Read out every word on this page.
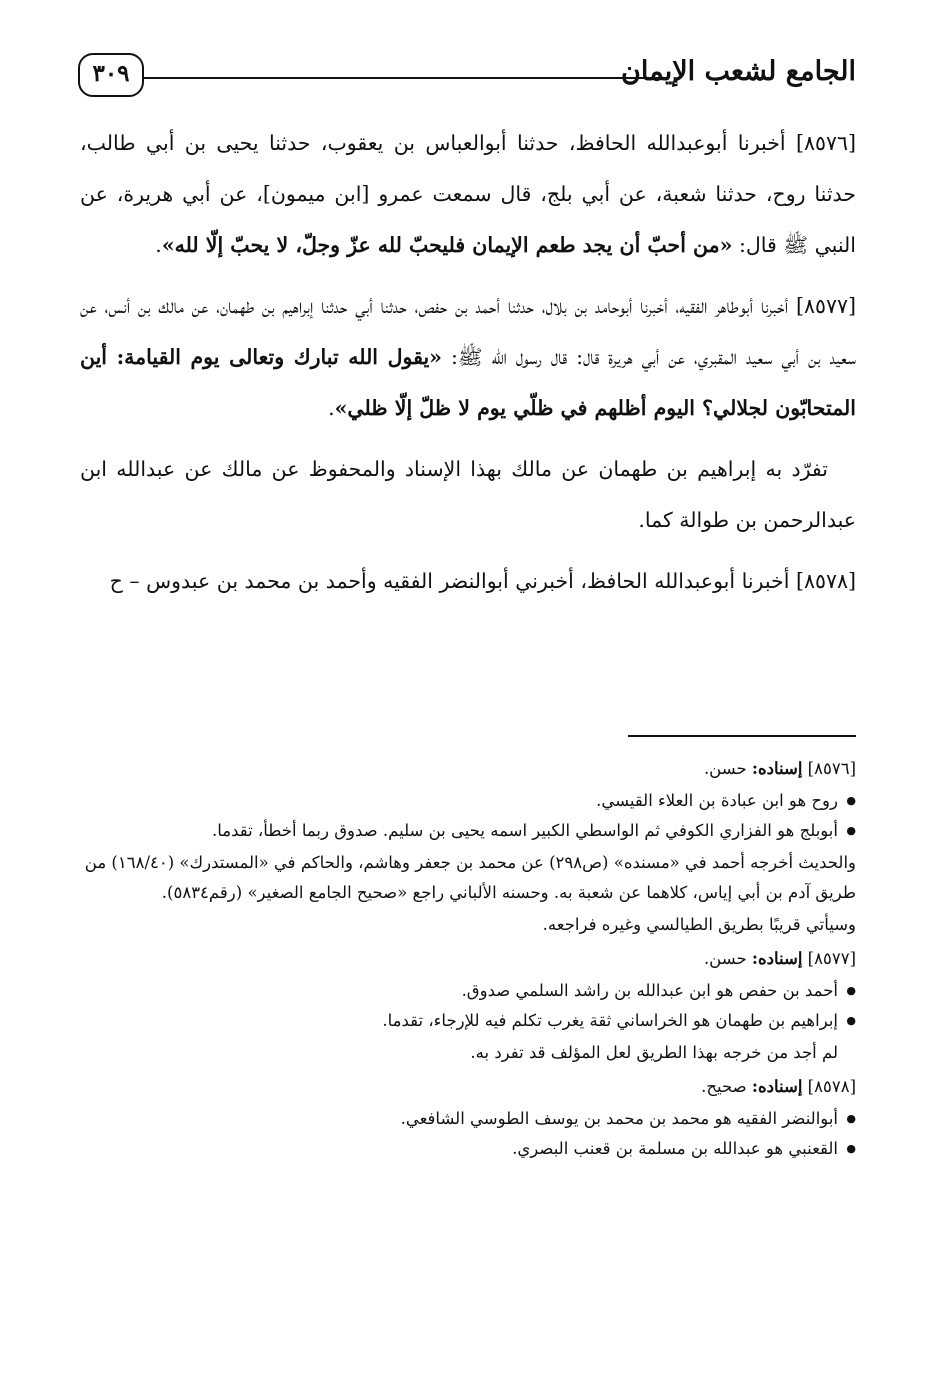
الجامع لشعب الإيمان
٣٠٩

[٨٥٧٦] أخبرنا أبوعبدالله الحافظ، حدثنا أبوالعباس بن يعقوب، حدثنا يحيى بن أبي طالب، حدثنا روح، حدثنا شعبة، عن أبي بلج، قال سمعت عمرو [ابن ميمون]، عن أبي هريرة، عن النبي ﷺ قال: «من أحبّ أن يجد طعم الإيمان فليحبّ لله عزّ وجلّ، لا يحبّ إلّا لله».

[٨٥٧٧] أخبرنا أبوطاهر الفقيه، أخبرنا أبوحامد بن بلال، حدثنا أحمد بن حفص، حدثنا أبي حدثنا إبراهيم بن طهمان، عن مالك بن أنس، عن سعيد بن أبي سعيد المقبري، عن أبي هريرة قال: قال رسول الله ﷺ: «يقول الله تبارك وتعالى يوم القيامة: أين المتحابّون لجلالي؟ اليوم أظلهم في ظلّي يوم لا ظلّ إلّا ظلي».

تفرّد به إبراهيم بن طهمان عن مالك بهذا الإسناد والمحفوظ عن مالك عن عبدالله ابن عبدالرحمن بن طوالة كما.

[٨٥٧٨] أخبرنا أبوعبدالله الحافظ، أخبرني أبوالنضر الفقيه وأحمد بن محمد بن عبدوس – ح

[٨٥٧٦] إسناده: حسن.
● روح هو ابن عبادة بن العلاء القيسي.
● أبوبلج هو الفزاري الكوفي ثم الواسطي الكبير اسمه يحيى بن سليم. صدوق ربما أخطأ، تقدما.
والحديث أخرجه أحمد في «مسنده» (ص٢٩٨) عن محمد بن جعفر وهاشم، والحاكم في «المستدرك» (١٦٨/٤٠) من طريق آدم بن أبي إياس، كلاهما عن شعبة به. وحسنه الألباني راجع «صحيح الجامع الصغير» (رقم٥٨٣٤).
وسيأتي قريبًا بطريق الطيالسي وغيره فراجعه.
[٨٥٧٧] إسناده: حسن.
● أحمد بن حفص هو ابن عبدالله بن راشد السلمي صدوق.
● إبراهيم بن طهمان هو الخراساني ثقة يغرب تكلم فيه للإرجاء، تقدما.
لم أجد من خرجه بهذا الطريق لعل المؤلف قد تفرد به.
[٨٥٧٨] إسناده: صحيح.
● أبوالنضر الفقيه هو محمد بن محمد بن يوسف الطوسي الشافعي.
● القعنبي هو عبدالله بن مسلمة بن قعنب البصري.
